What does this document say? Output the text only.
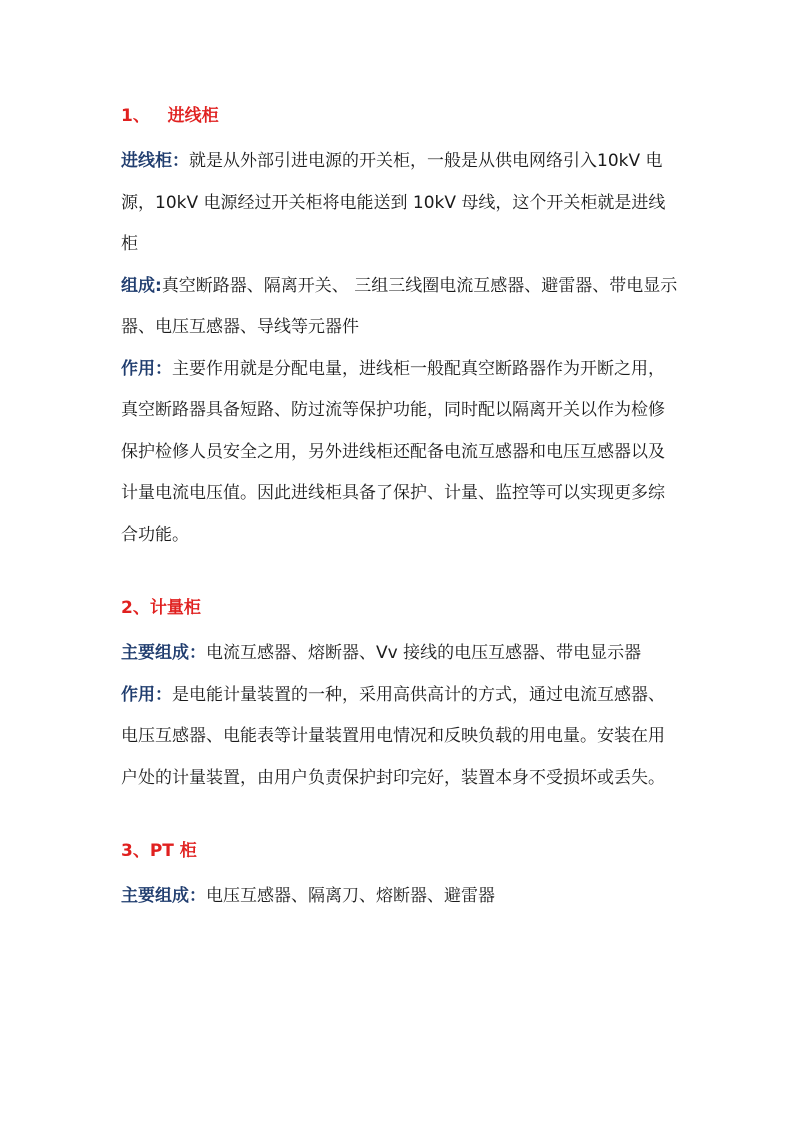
1、   进线柜

进线柜：就是从外部引进电源的开关柜，一般是从供电网络引入10kV 电源，10kV 电源经过开关柜将电能送到 10kV 母线，这个开关柜就是进线柜

组成:真空断路器、隔离开关、 三组三线圈电流互感器、避雷器、带电显示器、电压互感器、导线等元器件

作用：主要作用就是分配电量，进线柜一般配真空断路器作为开断之用，真空断路器具备短路、防过流等保护功能，同时配以隔离开关以作为检修保护检修人员安全之用，另外进线柜还配备电流互感器和电压互感器以及计量电流电压值。因此进线柜具备了保护、计量、监控等可以实现更多综合功能。

2、计量柜

主要组成：电流互感器、熔断器、Vv 接线的电压互感器、带电显示器

作用：是电能计量装置的一种，采用高供高计的方式，通过电流互感器、电压互感器、电能表等计量装置用电情况和反映负载的用电量。安装在用户处的计量装置，由用户负责保护封印完好，装置本身不受损坏或丢失。

3、PT 柜

主要组成：电压互感器、隔离刀、熔断器、避雷器
